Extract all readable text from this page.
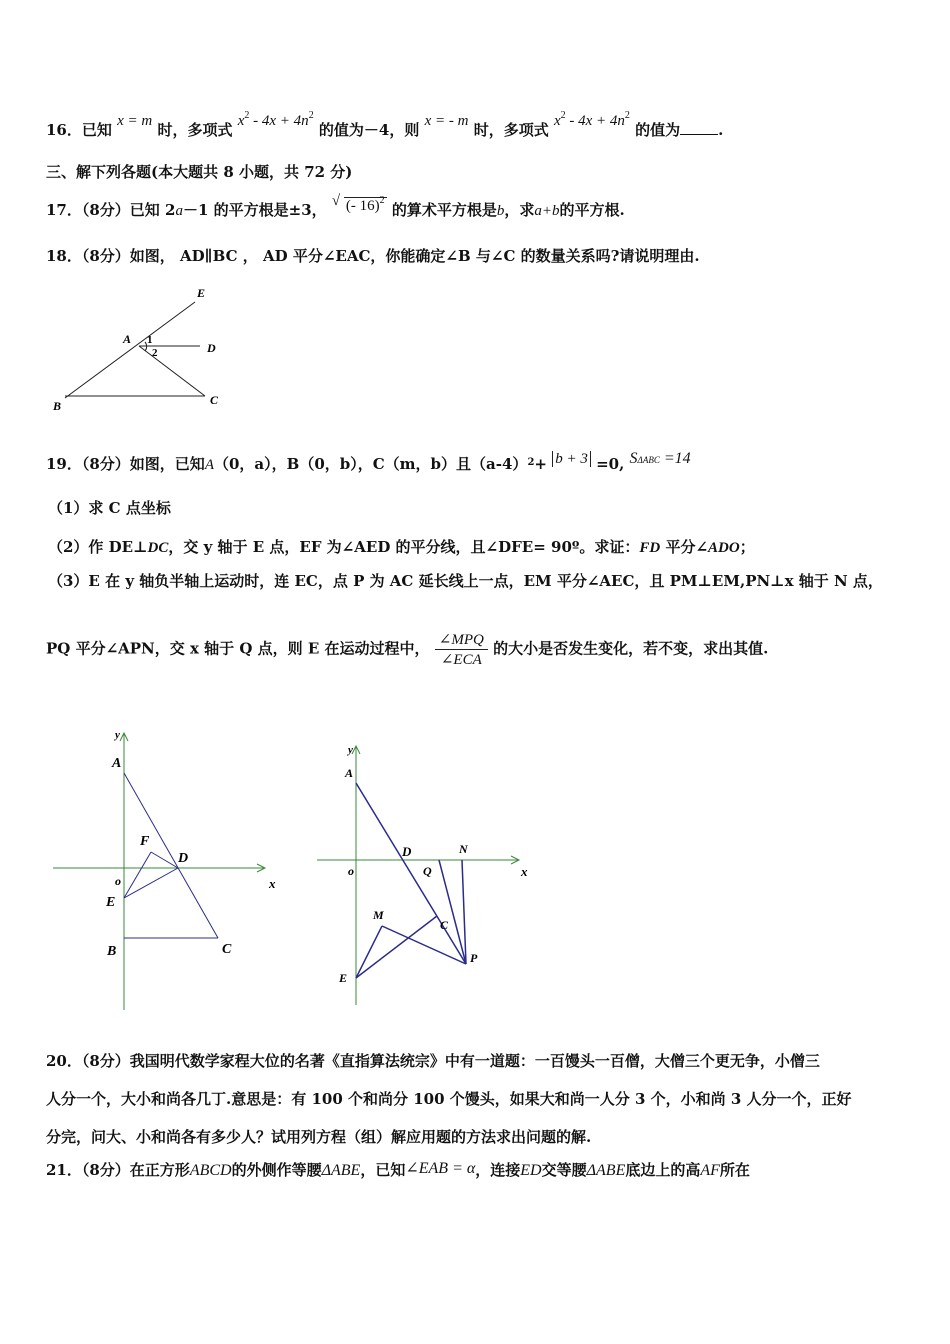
16．已知 x = m 时，多项式 $x^2 - 4x + 4n^2$ 的值为－4，则 x = - m 时，多项式 $x^2 - 4x + 4n^2$ 的值为	.
三、解下列各题(本大题共 8 小题，共 72 分)
17．（8分）已知 2a－1 的平方根是±3， √ (- 16)$^2$ 的算术平方根是b，求a+b的平方根.
18．（8分）如图， AD∥BC ， AD 平分∠EAC，你能确定∠B 与∠C 的数量关系吗?请说明理由.
E
A 1
2	D
B	C
19．（8分）如图，已知A（0，a），B（0，b），C（m，b）且$(a-4)^2+ b + 3 =0$, SΔABC =14
（1）求 C 点坐标
（2）作 DE⊥DC，交 y 轴于 E 点，EF 为∠AED 的平分线，且∠DFE= 90º。求证：FD 平分∠ADO；
（3）E 在 y 轴负半轴上运动时，连 EC，点 P 为 AC 延长线上一点，EM 平分∠AEC，且 PM⊥EM,PN⊥x 轴于 N 点，
PQ 平分∠APN，交 x 轴于 Q 点，则 E 在运动过程中， $\frac{\text{∠MPQ}}{\text{∠ECA}}$ 的大小是否发生变化，若不变，求出其值.
y
A
F
D
o	x
E
B	C
y
A
D	N
o	Q	x
M
C
P
E
20．（8分）我国明代数学家程大位的名著《直指算法统宗》中有一道题：一百馒头一百僧，大僧三个更无争，小僧三
人分一个，大小和尚各几丁.意思是：有 100 个和尚分 100 个馒头，如果大和尚一人分 3 个，小和尚 3 人分一个，正好
分完，问大、小和尚各有多少人？试用列方程（组）解应用题的方法求出问题的解.
21．（8分）在正方形ABCD的外侧作等腰ΔABE，已知∠EAB = α，连接ED交等腰ΔABE底边上的高AF所在
